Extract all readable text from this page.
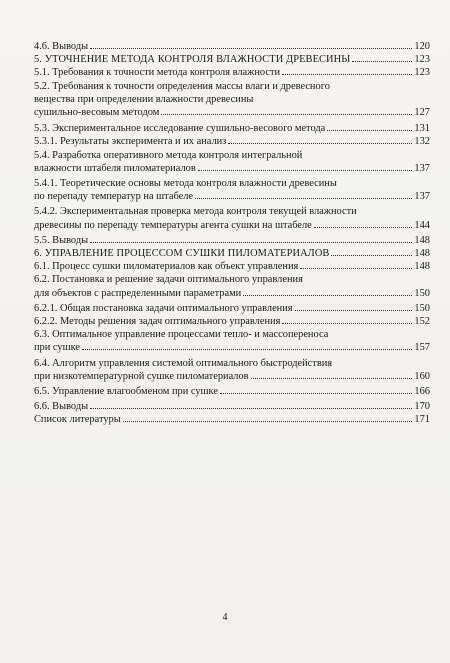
4.6. Выводы	120
5. УТОЧНЕНИЕ МЕТОДА КОНТРОЛЯ ВЛАЖНОСТИ ДРЕВЕСИНЫ	123
5.1. Требования к точности метода контроля влажности	123
5.2. Требования к точности определения массы влаги и древесного
вещества при определении влажности древесины
сушильно-весовым методом	127
5.3. Экспериментальное исследование сушильно-весового метода	131
5.3.1. Результаты эксперимента и их анализ	132
5.4. Разработка оперативного метода контроля интегральной
влажности штабеля пиломатериалов	137
5.4.1. Теоретические основы метода контроля влажности древесины
по перепаду температур на штабеле	137
5.4.2. Экспериментальная проверка метода контроля текущей влажности
древесины по перепаду температуры агента сушки на штабеле	144
5.5. Выводы	148
6. УПРАВЛЕНИЕ ПРОЦЕССОМ СУШКИ ПИЛОМАТЕРИАЛОВ	148
6.1. Процесс сушки пиломатериалов как объект управления	148
6.2. Постановка и решение задачи оптимального управления
для объектов с распределенными параметрами	150
6.2.1. Общая постановка задачи оптимального управления	150
6.2.2. Методы решения задач оптимального управления	152
6.3. Оптимальное управление процессами тепло- и массопереноса
при сушке	157
6.4. Алгоритм управления системой оптимального быстродействия
при низкотемпературной сушке пиломатериалов	160
6.5. Управление влагообменом при сушке	166
6.6. Выводы	170
Список литературы	171
4
